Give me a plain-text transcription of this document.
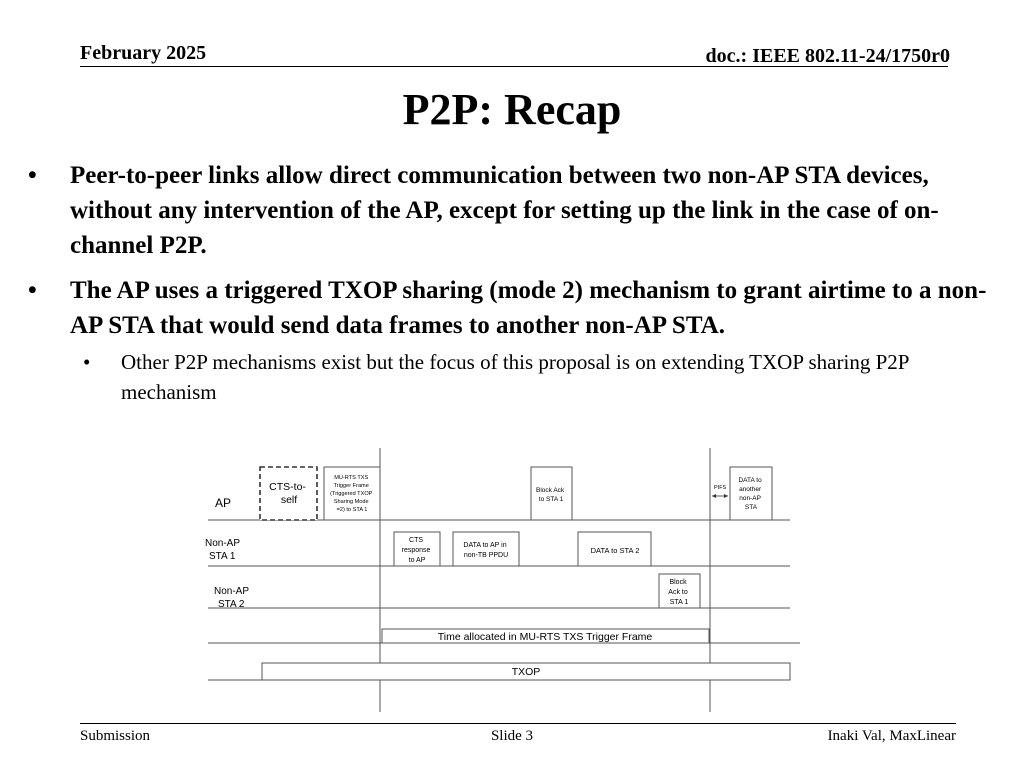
February 2025	doc.: IEEE 802.11-24/1750r0
P2P: Recap
• Peer-to-peer links allow direct communication between two non-AP STA devices, without any intervention of the AP, except for setting up the link in the case of on-channel P2P.
• The AP uses a triggered TXOP sharing (mode 2) mechanism to grant airtime to a non-AP STA that would send data frames to another non-AP STA.
• Other P2P mechanisms exist but the focus of this proposal is on extending TXOP sharing P2P mechanism
AP
CTS-to- self
MU-RTS TXS Trigger Frame (Triggered TXOP Sharing Mode =2) to STA 1
Block Ack to STA 1
PIFS
DATA to another non-AP STA
Non-AP STA 1
CTS response to AP
DATA to AP in non-TB PPDU
DATA to STA 2
Non-AP STA 2
Block Ack to STA 1
Time allocated in MU-RTS TXS Trigger Frame
TXOP
Submission	Slide 3	Inaki Val, MaxLinear
